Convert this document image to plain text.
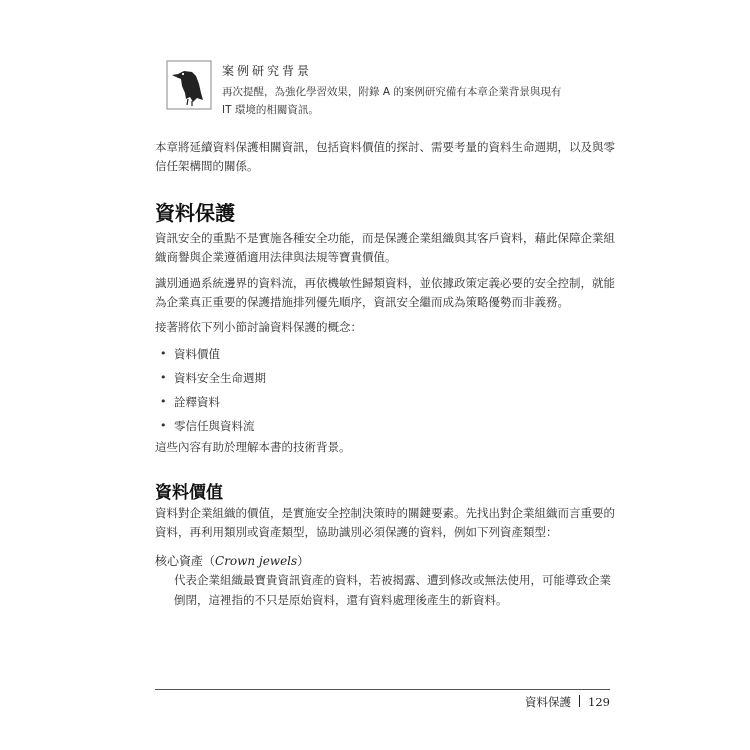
案例研究背景
再次提醒，為強化學習效果，附錄 A 的案例研究備有本章企業背景與現有
IT 環境的相關資訊。

本章將延續資料保護相關資訊，包括資料價值的探討、需要考量的資料生命週期，以及與零信任架構間的關係。

資料保護

資訊安全的重點不是實施各種安全功能，而是保護企業組織與其客戶資料，藉此保障企業組織商譽與企業遵循適用法律與法規等寶貴價值。

識別通過系統邊界的資料流，再依機敏性歸類資料，並依據政策定義必要的安全控制，就能為企業真正重要的保護措施排列優先順序，資訊安全繼而成為策略優勢而非義務。

接著將依下列小節討論資料保護的概念：

• 資料價值
• 資料安全生命週期
• 詮釋資料
• 零信任與資料流

這些內容有助於理解本書的技術背景。

資料價值

資料對企業組織的價值，是實施安全控制決策時的關鍵要素。先找出對企業組織而言重要的資料，再利用類別或資產類型，協助識別必須保護的資料，例如下列資產類型：

核心資產（Crown jewels）

代表企業組織最寶貴資訊資產的資料，若被揭露、遭到修改或無法使用，可能導致企業倒閉，這裡指的不只是原始資料，還有資料處理後產生的新資料。

資料保護 129
